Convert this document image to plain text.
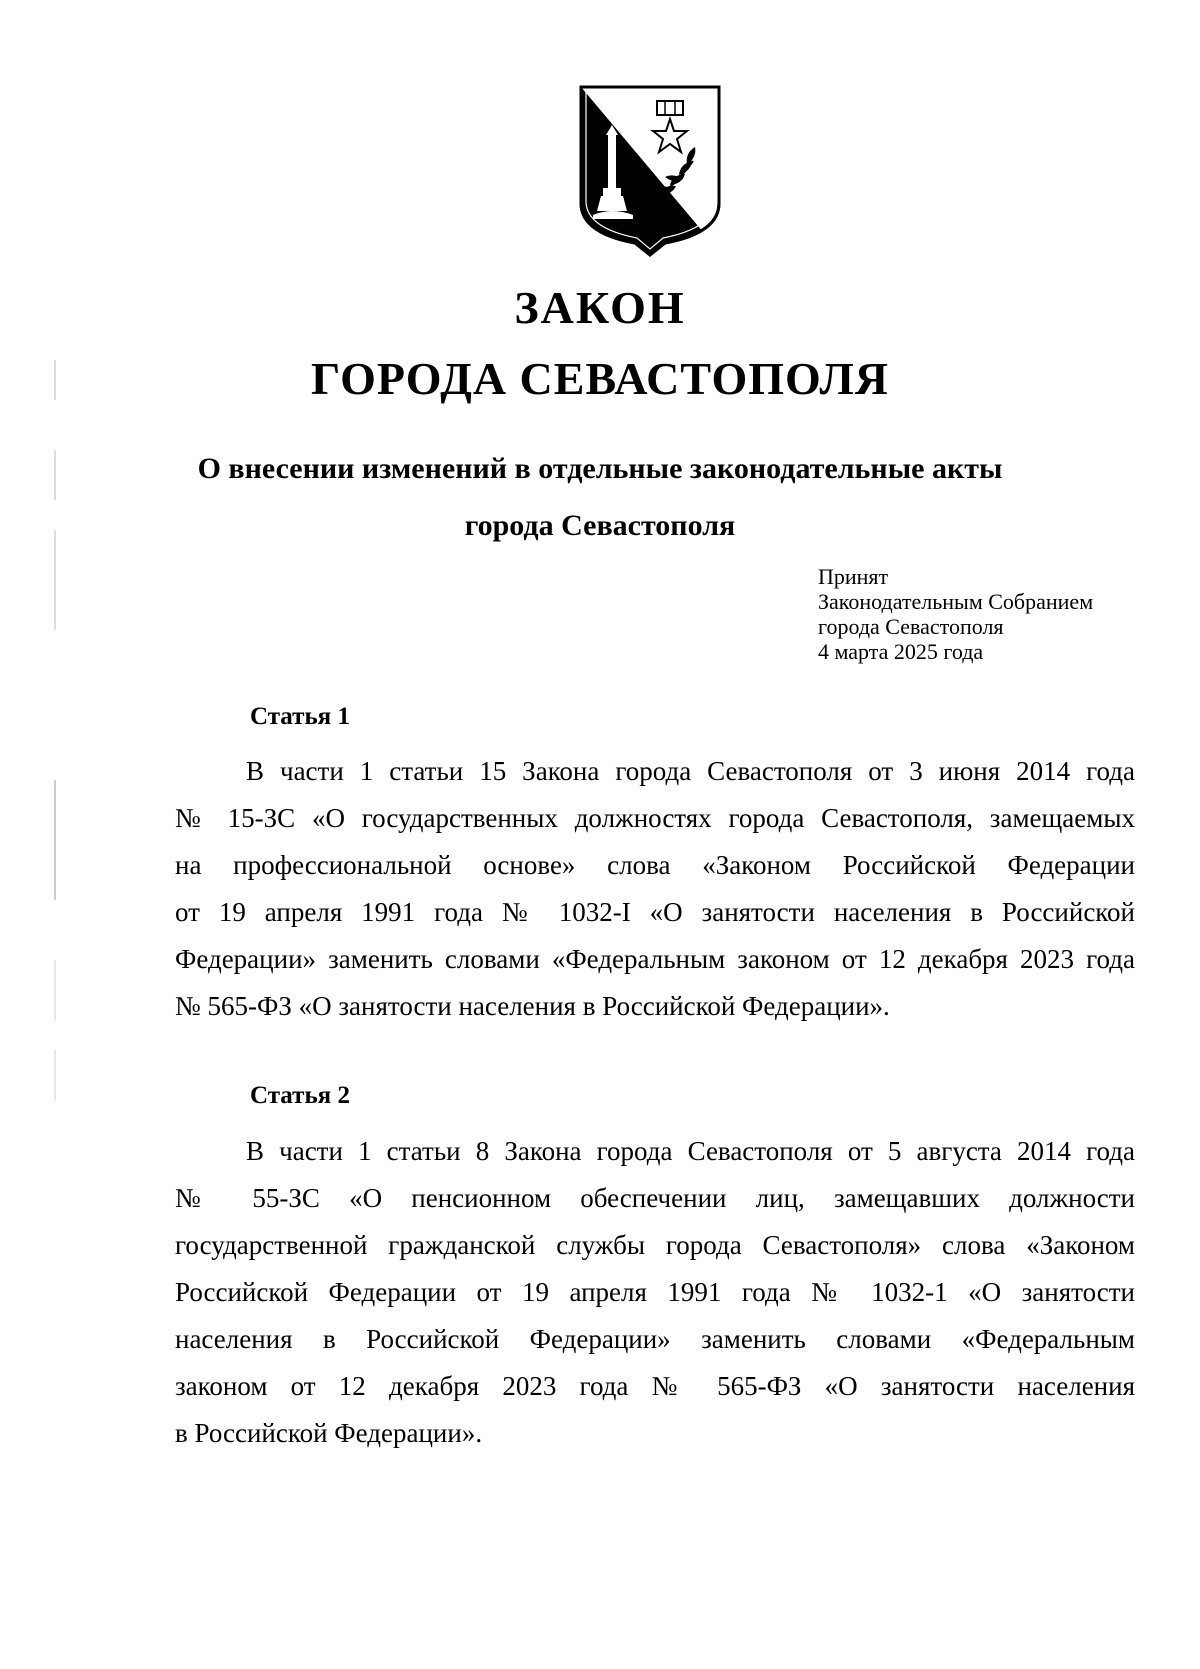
ЗАКОН
ГОРОДА СЕВАСТОПОЛЯ
О внесении изменений в отдельные законодательные акты
города Севастополя
Принят
Законодательным Собранием
города Севастополя
4 марта 2025 года
Статья 1
В части 1 статьи 15 Закона города Севастополя от 3 июня 2014 года
№ 15-ЗС «О государственных должностях города Севастополя, замещаемых
на профессиональной основе» слова «Законом Российской Федерации
от 19 апреля 1991 года № 1032-I «О занятости населения в Российской
Федерации» заменить словами «Федеральным законом от 12 декабря 2023 года
№ 565-ФЗ «О занятости населения в Российской Федерации».
Статья 2
В части 1 статьи 8 Закона города Севастополя от 5 августа 2014 года
№ 55-ЗС «О пенсионном обеспечении лиц, замещавших должности
государственной гражданской службы города Севастополя» слова «Законом
Российской Федерации от 19 апреля 1991 года № 1032-1 «О занятости
населения в Российской Федерации» заменить словами «Федеральным
законом от 12 декабря 2023 года № 565-ФЗ «О занятости населения
в Российской Федерации».
